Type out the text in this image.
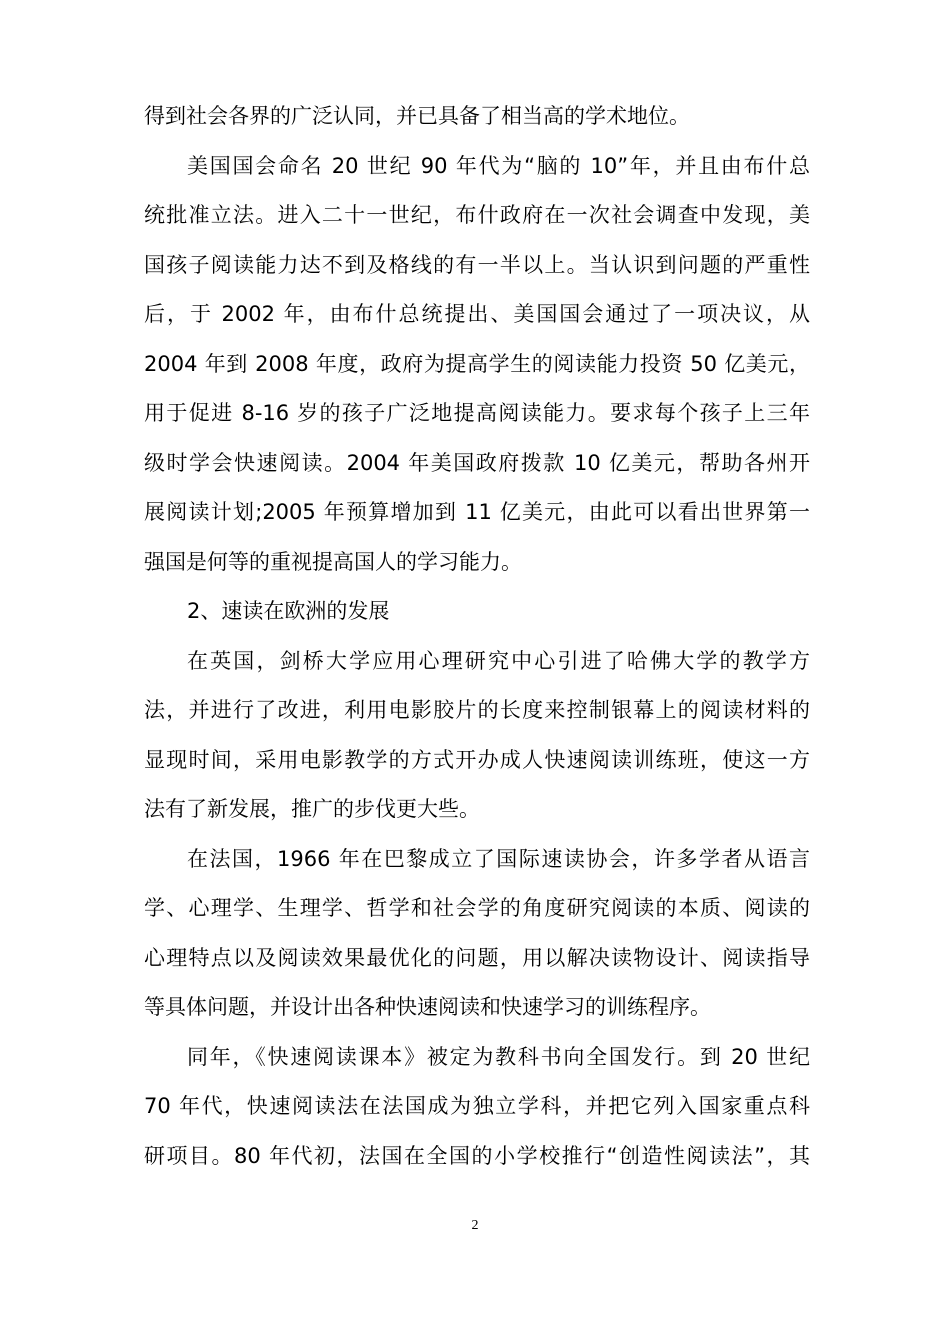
得到社会各界的广泛认同，并已具备了相当高的学术地位。
美国国会命名 20 世纪 90 年代为“脑的 10”年，并且由布什总
统批准立法。进入二十一世纪，布什政府在一次社会调查中发现，美
国孩子阅读能力达不到及格线的有一半以上。当认识到问题的严重性
后，于 2002 年，由布什总统提出、美国国会通过了一项决议，从
2004 年到 2008 年度，政府为提高学生的阅读能力投资 50 亿美元，
用于促进 8-16 岁的孩子广泛地提高阅读能力。要求每个孩子上三年
级时学会快速阅读。2004 年美国政府拨款 10 亿美元，帮助各州开
展阅读计划;2005 年预算增加到 11 亿美元，由此可以看出世界第一
强国是何等的重视提高国人的学习能力。
2、速读在欧洲的发展
在英国，剑桥大学应用心理研究中心引进了哈佛大学的教学方
法，并进行了改进，利用电影胶片的长度来控制银幕上的阅读材料的
显现时间，采用电影教学的方式开办成人快速阅读训练班，使这一方
法有了新发展，推广的步伐更大些。
在法国，1966 年在巴黎成立了国际速读协会，许多学者从语言
学、心理学、生理学、哲学和社会学的角度研究阅读的本质、阅读的
心理特点以及阅读效果最优化的问题，用以解决读物设计、阅读指导
等具体问题，并设计出各种快速阅读和快速学习的训练程序。
同年，《快速阅读课本》被定为教科书向全国发行。到 20 世纪
70 年代，快速阅读法在法国成为独立学科，并把它列入国家重点科
研项目。80 年代初，法国在全国的小学校推行“创造性阅读法”，其
2
